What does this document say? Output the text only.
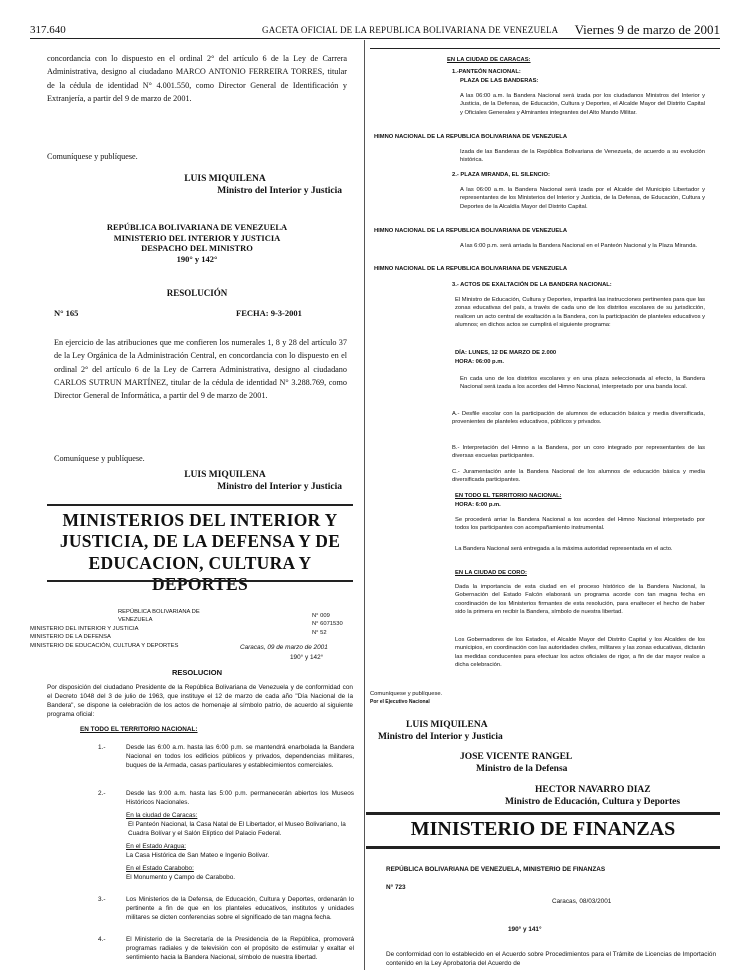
317.640	GACETA OFICIAL DE LA REPUBLICA BOLIVARIANA DE VENEZUELA Viernes 9 de marzo de 2001
concordancia con lo dispuesto en el ordinal 2° del artículo 6 de la Ley de Carrera Administrativa, designo al ciudadano MARCO ANTONIO FERREIRA TORRES, titular de la cédula de identidad N° 4.001.550, como Director General de Identificación y Extranjería, a partir del 9 de marzo de 2001.
Comuníquese y publíquese.
LUIS MIQUILENA
Ministro del Interior y Justicia
REPÚBLICA BOLIVARIANA DE VENEZUELA
MINISTERIO DEL INTERIOR Y JUSTICIA
DESPACHO DEL MINISTRO
190° y 142°
RESOLUCIÓN
N° 165	FECHA: 9-3-2001
En ejercicio de las atribuciones que me confieren los numerales 1, 8 y 28 del artículo 37 de la Ley Orgánica de la Administración Central, en concordancia con lo dispuesto en el ordinal 2° del artículo 6 de la Ley de Carrera Administrativa, designo al ciudadano CARLOS SUTRUN MARTÍNEZ, titular de la cédula de identidad N° 3.288.769, como Director General de Informática, a partir del 9 de marzo de 2001.
Comuníquese y publíquese.
LUIS MIQUILENA
Ministro del Interior y Justicia
MINISTERIOS DEL INTERIOR Y JUSTICIA, DE LA DEFENSA Y DE EDUCACION, CULTURA Y DEPORTES
REPÚBLICA BOLIVARIANA DE VENEZUELA
MINISTERIO DEL INTERIOR Y JUSTICIA
MINISTERIO DE LA DEFENSA
MINISTERIO DE EDUCACIÓN, CULTURA Y DEPORTES
N° 009
N° 6071530
N° 52
Caracas, 09 de marzo de 2001
190° y 142°
RESOLUCION
Por disposición del ciudadano Presidente de la República Bolivariana de Venezuela y de conformidad con el Decreto 1048 del 3 de julio de 1963, que instituye el 12 de marzo de cada año "Día Nacional de la Bandera", se dispone la celebración de los actos de homenaje al símbolo patrio, de acuerdo al siguiente programa oficial:
EN TODO EL TERRITORIO NACIONAL:
1.-	Desde las 6:00 a.m. hasta las 6:00 p.m. se mantendrá enarbolada la Bandera Nacional en todos los edificios públicos y privados, dependencias militares, buques de la Armada, casas particulares y establecimientos comerciales.
2.-	Desde las 9:00 a.m. hasta las 5:00 p.m. permanecerán abiertos los Museos Históricos Nacionales.
En la ciudad de Caracas:
El Panteón Nacional, la Casa Natal de El Libertador, el Museo Bolivariano, la Cuadra Bolívar y el Salón Elíptico del Palacio Federal.
En el Estado Aragua:
La Casa Histórica de San Mateo e Ingenio Bolívar.
En el Estado Carabobo:
El Monumento y Campo de Carabobo.
3.-	Los Ministerios de la Defensa, de Educación, Cultura y Deportes, ordenarán lo pertinente a fin de que en los planteles educativos, institutos y unidades militares se dicten conferencias sobre el significado de tan magna fecha.
4.-	El Ministerio de la Secretaría de la Presidencia de la República, promoverá programas radiales y de televisión con el propósito de estimular y exaltar el sentimiento hacia la Bandera Nacional, símbolo de nuestra libertad.
EN LA CIUDAD DE CARACAS:
1.-PANTEÓN NACIONAL:
PLAZA DE LAS BANDERAS:
A las 06:00 a.m. la Bandera Nacional será izada por los ciudadanos Ministros del Interior y Justicia, de la Defensa, de Educación, Cultura y Deportes, el Alcalde Mayor del Distrito Capital y Oficiales Generales y Almirantes integrantes del Alto Mando Militar.
HIMNO NACIONAL DE LA REPUBLICA BOLIVARIANA DE VENEZUELA
Izada de las Banderas de la República Bolivariana de Venezuela, de acuerdo a su evolución histórica.
2.- PLAZA MIRANDA, EL SILENCIO:
A las 06:00 a.m. la Bandera Nacional será izada por el Alcalde del Municipio Libertador y representantes de los Ministerios del Interior y Justicia, de la Defensa, de Educación, Cultura y Deportes de la Alcaldía Mayor del Distrito Capital.
HIMNO NACIONAL DE LA REPUBLICA BOLIVARIANA DE VENEZUELA
A las 6:00 p.m. será arriada la Bandera Nacional en el Panteón Nacional y la Plaza Miranda.
HIMNO NACIONAL DE LA REPUBLICA BOLIVARIANA DE VENEZUELA
3.- ACTOS DE EXALTACIÓN DE LA BANDERA NACIONAL:
El Ministro de Educación, Cultura y Deportes, impartirá las instrucciones pertinentes para que las zonas educativas del país, a través de cada uno de los distritos escolares de su jurisdicción, realicen un acto central de exaltación a la Bandera, con la participación de planteles educativos y alumnos; en dichos actos se cumplirá el siguiente programa:
DÍA: LUNES, 12 DE MARZO DE 2.000
HORA: 06:00 p.m.
En cada uno de los distritos escolares y en una plaza seleccionada al efecto, la Bandera Nacional será izada a los acordes del Himno Nacional, interpretado por una banda local.
A.- Desfile escolar con la participación de alumnos de educación básica y media diversificada, provenientes de planteles educativos, públicos y privados.
B.- Interpretación del Himno a la Bandera, por un coro integrado por representantes de las diversas escuelas participantes.
C.- Juramentación ante la Bandera Nacional de los alumnos de educación básica y media diversificada participantes.
EN TODO EL TERRITORIO NACIONAL:
HORA: 6:00 p.m.
Se procederá arriar la Bandera Nacional a los acordes del Himno Nacional interpretado por todos los participantes con acompañamiento instrumental.
La Bandera Nacional será entregada a la máxima autoridad representada en el acto.
EN LA CIUDAD DE CORO:
Dada la importancia de esta ciudad en el proceso histórico de la Bandera Nacional, la Gobernación del Estado Falcón elaborará un programa acorde con tan magna fecha en coordinación de los Ministerios firmantes de esta resolución, para enaltecer el hecho de haber sido la primera en recibir la Bandera, símbolo de nuestra libertad.
Los Gobernadores de los Estados, el Alcalde Mayor del Distrito Capital y los Alcaldes de los municipios, en coordinación con las autoridades civiles, militares y las zonas educativas, dictarán las medidas conducentes para efectuar los actos oficiales de rigor, a fin de dar mayor realce a dicha celebración.
Comuníquese y publíquese.
Por el Ejecutivo Nacional
LUIS MIQUILENA
Ministro del Interior y Justicia
JOSE VICENTE RANGEL
Ministro de la Defensa
HECTOR NAVARRO DIAZ
Ministro de Educación, Cultura y Deportes
MINISTERIO DE FINANZAS
REPÚBLICA BOLIVARIANA DE VENEZUELA, MINISTERIO DE FINANZAS
N° 723
Caracas, 08/03/2001
190° y 141°
De conformidad con lo establecido en el Acuerdo sobre Procedimientos para el Trámite de Licencias de Importación contenido en la Ley Aprobatoria del Acuerdo de
